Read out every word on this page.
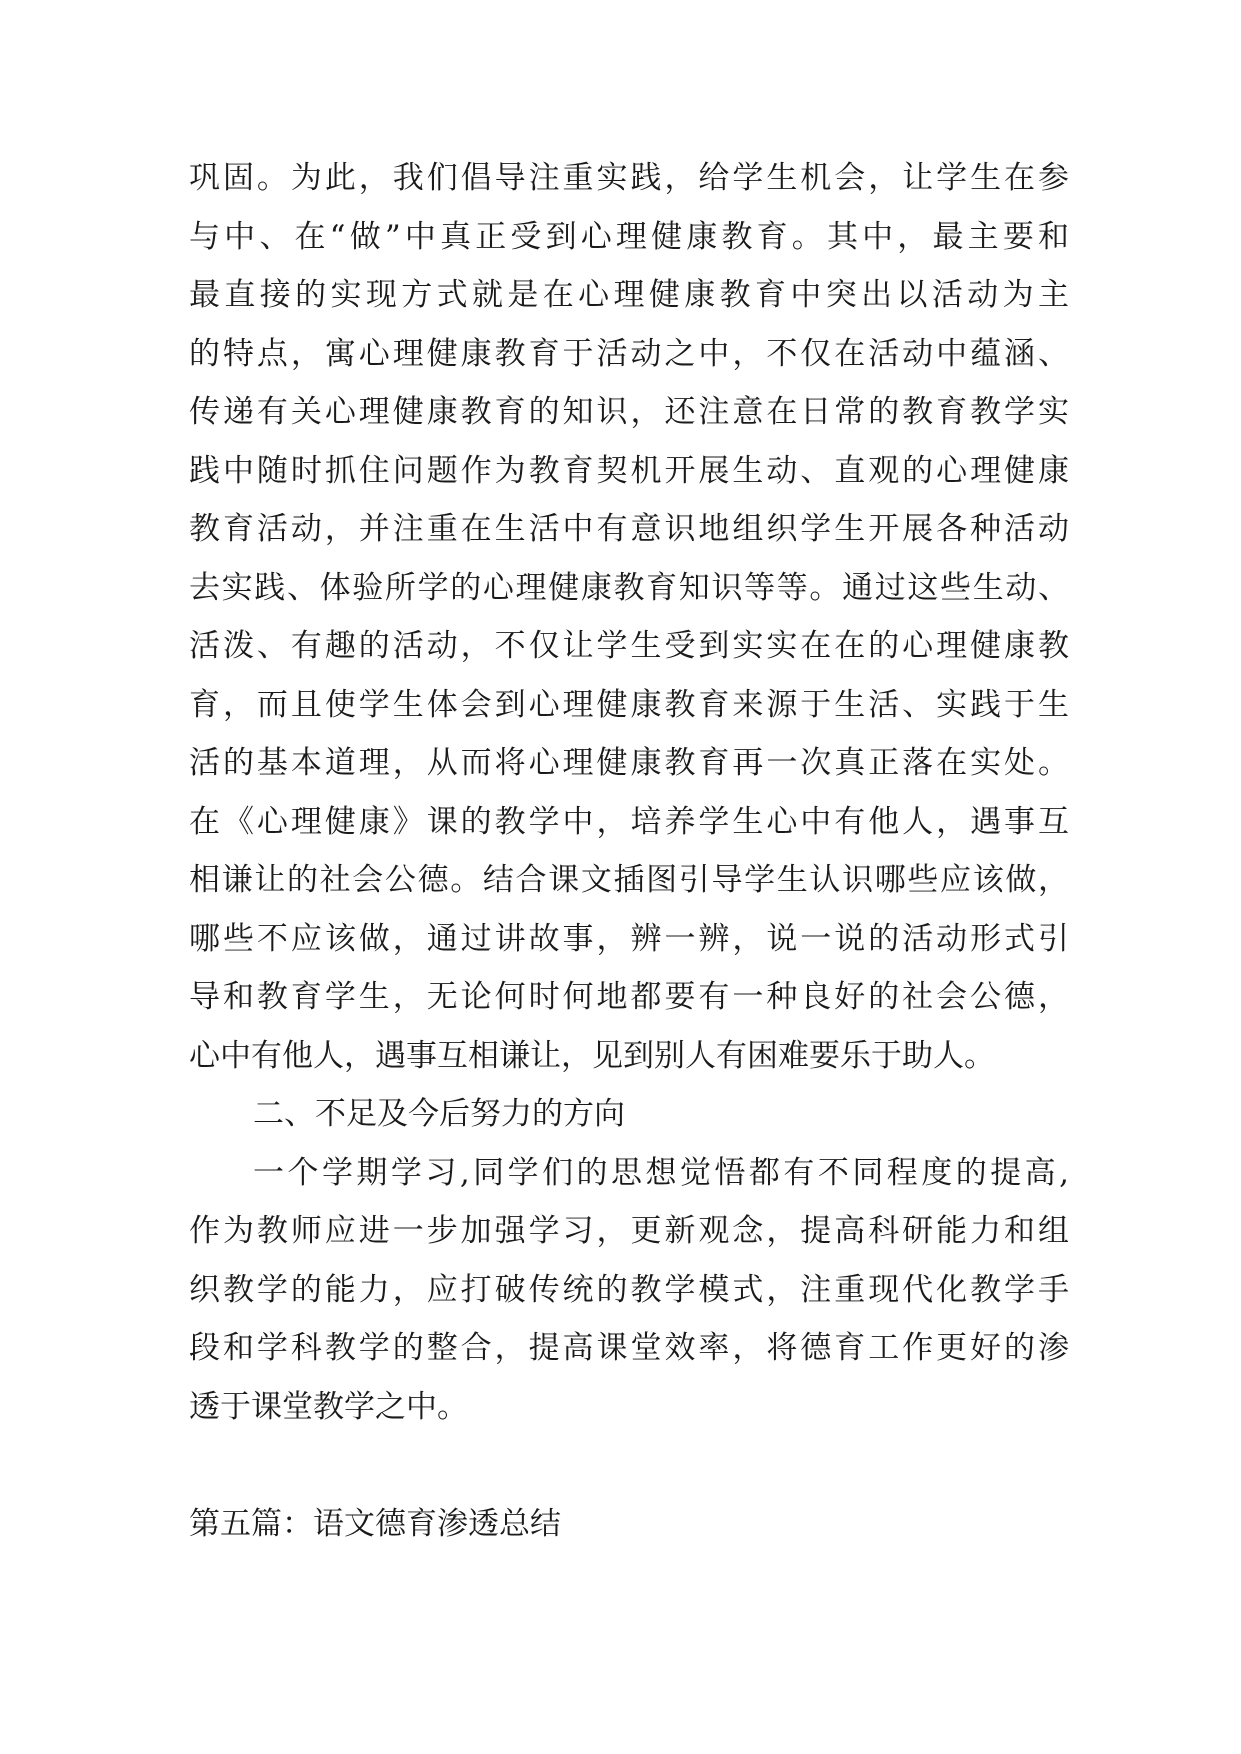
巩固。为此，我们倡导注重实践，给学生机会，让学生在参
与中、在“做”中真正受到心理健康教育。其中，最主要和
最直接的实现方式就是在心理健康教育中突出以活动为主
的特点，寓心理健康教育于活动之中，不仅在活动中蕴涵、
传递有关心理健康教育的知识，还注意在日常的教育教学实
践中随时抓住问题作为教育契机开展生动、直观的心理健康
教育活动，并注重在生活中有意识地组织学生开展各种活动
去实践、体验所学的心理健康教育知识等等。通过这些生动、
活泼、有趣的活动，不仅让学生受到实实在在的心理健康教
育，而且使学生体会到心理健康教育来源于生活、实践于生
活的基本道理，从而将心理健康教育再一次真正落在实处。
在《心理健康》课的教学中，培养学生心中有他人，遇事互
相谦让的社会公德。结合课文插图引导学生认识哪些应该做，
哪些不应该做，通过讲故事，辨一辨，说一说的活动形式引
导和教育学生，无论何时何地都要有一种良好的社会公德，
心中有他人，遇事互相谦让，见到别人有困难要乐于助人。
二、不足及今后努力的方向
一个学期学习,同学们的思想觉悟都有不同程度的提高,
作为教师应进一步加强学习，更新观念，提高科研能力和组
织教学的能力，应打破传统的教学模式，注重现代化教学手
段和学科教学的整合，提高课堂效率，将德育工作更好的渗
透于课堂教学之中。
第五篇：语文德育渗透总结
